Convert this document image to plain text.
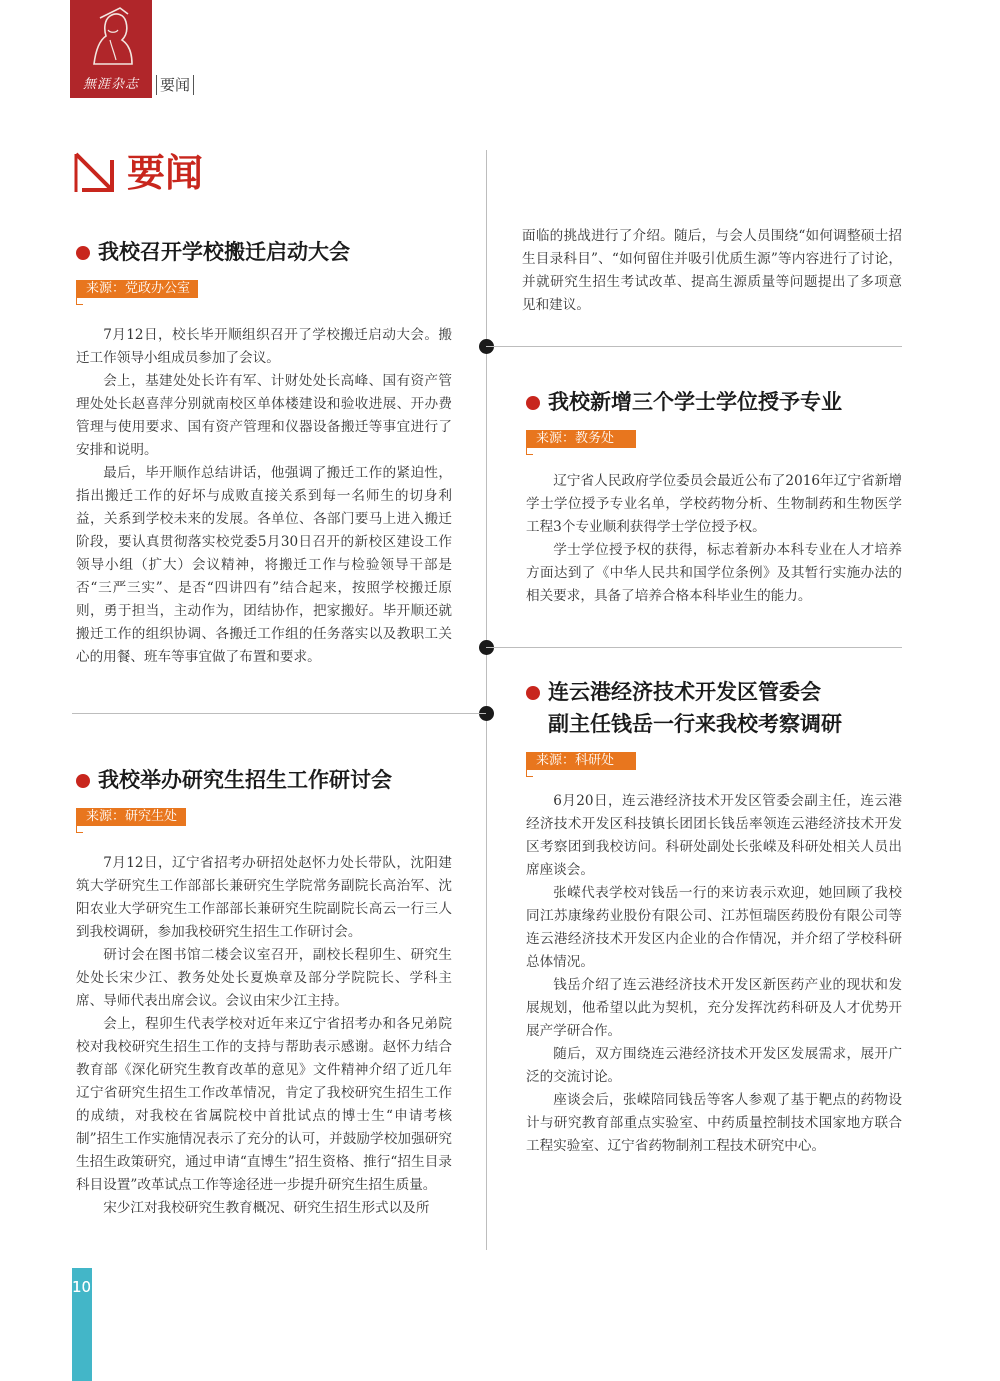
無涯杂志	要闻
要闻
我校召开学校搬迁启动大会
来源：党政办公室

7月12日，校长毕开顺组织召开了学校搬迁启动大会。搬迁工作领导小组成员参加了会议。

会上，基建处处长许有军、计财处处长高峰、国有资产管理处处长赵喜萍分别就南校区单体楼建设和验收进展、开办费管理与使用要求、国有资产管理和仪器设备搬迁等事宜进行了安排和说明。

最后，毕开顺作总结讲话，他强调了搬迁工作的紧迫性，指出搬迁工作的好坏与成败直接关系到每一名师生的切身利益，关系到学校未来的发展。各单位、各部门要马上进入搬迁阶段，要认真贯彻落实校党委5月30日召开的新校区建设工作领导小组（扩大）会议精神，将搬迁工作与检验领导干部是否“三严三实”、是否“四讲四有”结合起来，按照学校搬迁原则，勇于担当，主动作为，团结协作，把家搬好。毕开顺还就搬迁工作的组织协调、各搬迁工作组的任务落实以及教职工关心的用餐、班车等事宜做了布置和要求。

我校举办研究生招生工作研讨会
来源：研究生处

7月12日，辽宁省招考办研招处赵怀力处长带队，沈阳建筑大学研究生工作部部长兼研究生学院常务副院长高治军、沈阳农业大学研究生工作部部长兼研究生院副院长高云一行三人到我校调研，参加我校研究生招生工作研讨会。

研讨会在图书馆二楼会议室召开，副校长程卯生、研究生处处长宋少江、教务处处长夏焕章及部分学院院长、学科主席、导师代表出席会议。会议由宋少江主持。

会上，程卯生代表学校对近年来辽宁省招考办和各兄弟院校对我校研究生招生工作的支持与帮助表示感谢。赵怀力结合教育部《深化研究生教育改革的意见》文件精神介绍了近几年辽宁省研究生招生工作改革情况，肯定了我校研究生招生工作的成绩，对我校在省属院校中首批试点的博士生“申请考核制”招生工作实施情况表示了充分的认可，并鼓励学校加强研究生招生政策研究，通过申请“直博生”招生资格、推行“招生目录科目设置”改革试点工作等途径进一步提升研究生招生质量。

宋少江对我校研究生教育概况、研究生招生形式以及所

面临的挑战进行了介绍。随后，与会人员围绕“如何调整硕士招生目录科目”、“如何留住并吸引优质生源”等内容进行了讨论，并就研究生招生考试改革、提高生源质量等问题提出了多项意见和建议。

我校新增三个学士学位授予专业
来源：教务处

辽宁省人民政府学位委员会最近公布了2016年辽宁省新增学士学位授予专业名单，学校药物分析、生物制药和生物医学工程3个专业顺利获得学士学位授予权。

学士学位授予权的获得，标志着新办本科专业在人才培养方面达到了《中华人民共和国学位条例》及其暂行实施办法的相关要求，具备了培养合格本科毕业生的能力。

连云港经济技术开发区管委会
副主任钱岳一行来我校考察调研
来源：科研处

6月20日，连云港经济技术开发区管委会副主任，连云港经济技术开发区科技镇长团团长钱岳率领连云港经济技术开发区考察团到我校访问。科研处副处长张嵘及科研处相关人员出席座谈会。

张嵘代表学校对钱岳一行的来访表示欢迎，她回顾了我校同江苏康缘药业股份有限公司、江苏恒瑞医药股份有限公司等连云港经济技术开发区内企业的合作情况，并介绍了学校科研总体情况。

钱岳介绍了连云港经济技术开发区新医药产业的现状和发展规划，他希望以此为契机，充分发挥沈药科研及人才优势开展产学研合作。

随后，双方围绕连云港经济技术开发区发展需求，展开广泛的交流讨论。

座谈会后，张嵘陪同钱岳等客人参观了基于靶点的药物设计与研究教育部重点实验室、中药质量控制技术国家地方联合工程实验室、辽宁省药物制剂工程技术研究中心。

10
